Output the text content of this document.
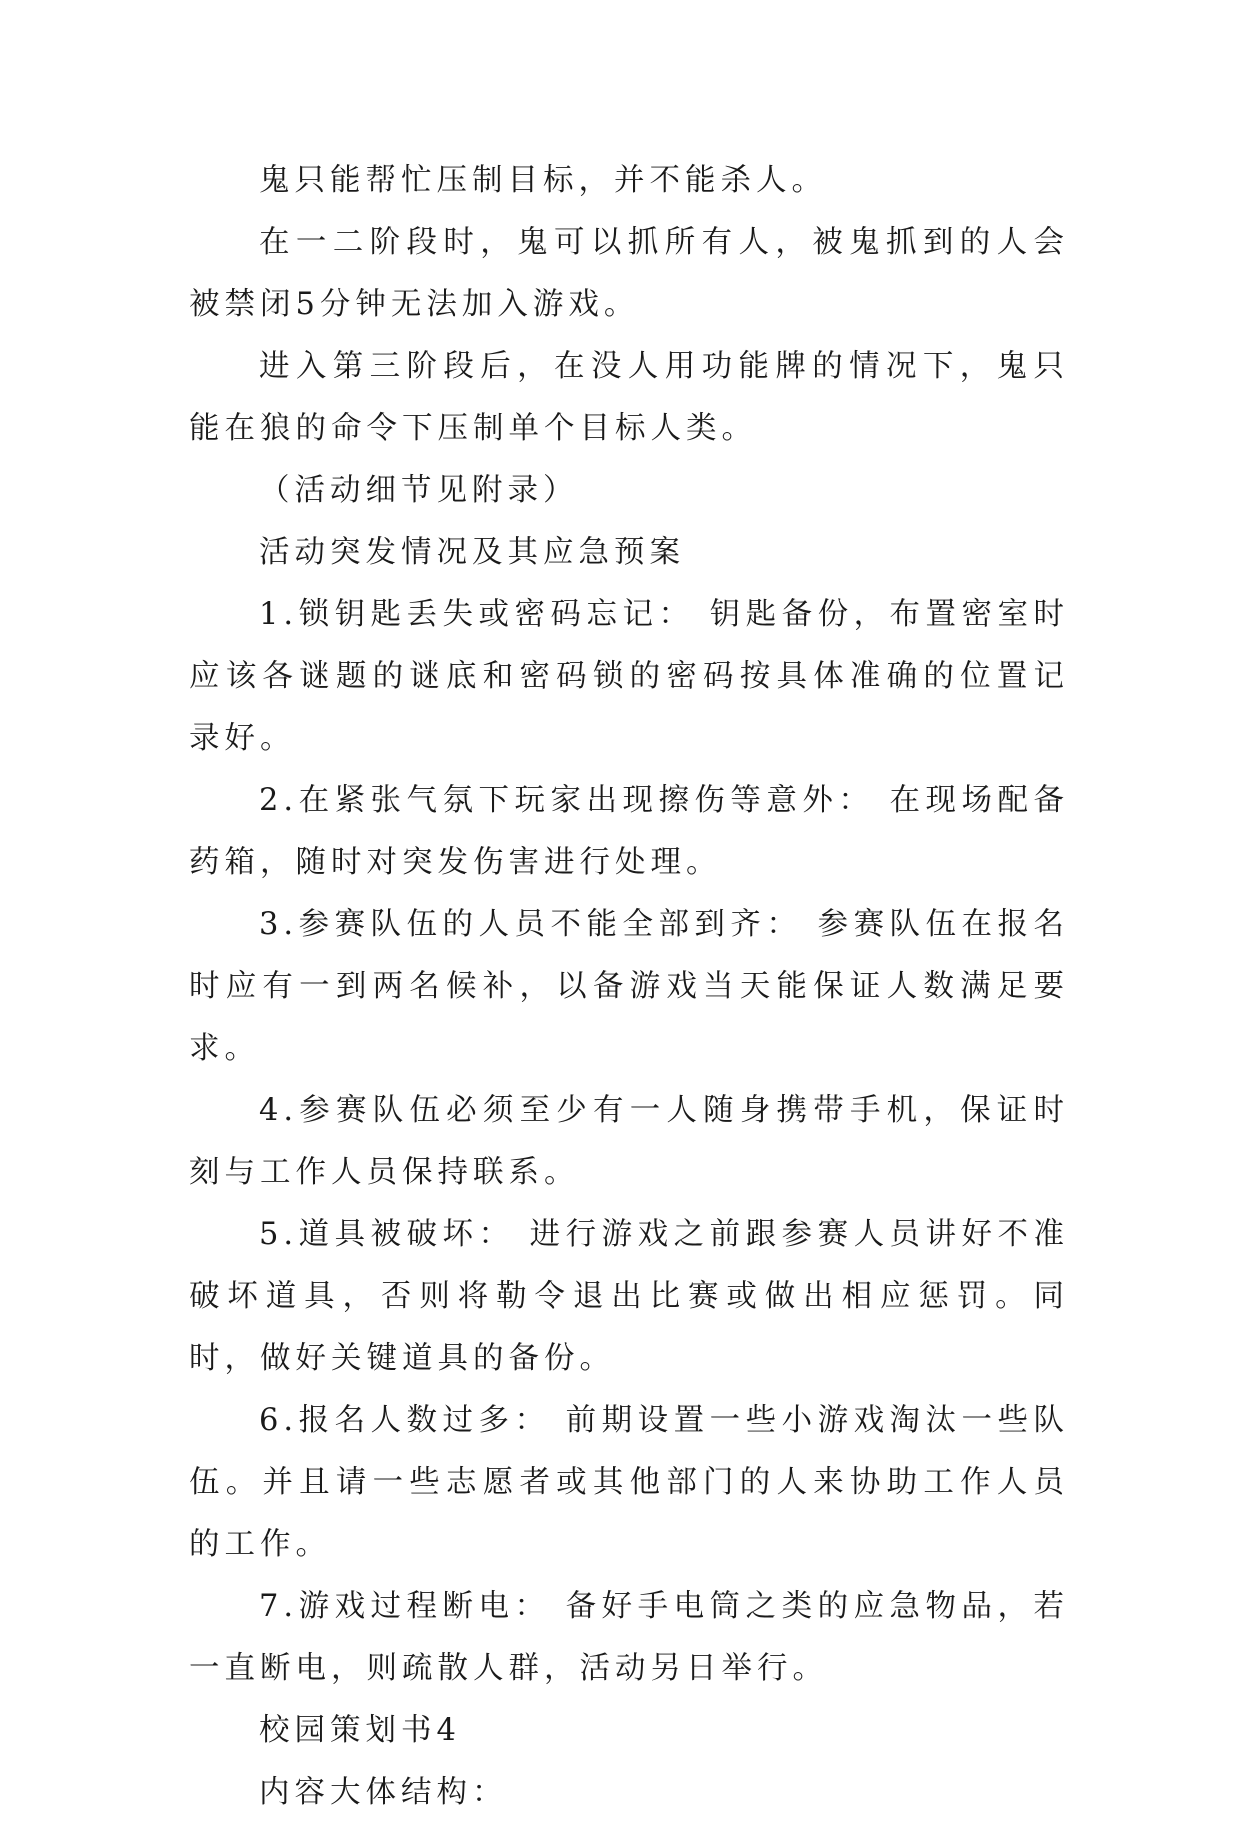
鬼只能帮忙压制目标，并不能杀人。

在一二阶段时，鬼可以抓所有人，被鬼抓到的人会被禁闭5分钟无法加入游戏。

进入第三阶段后，在没人用功能牌的情况下，鬼只能在狼的命令下压制单个目标人类。

（活动细节见附录）

活动突发情况及其应急预案

1.锁钥匙丢失或密码忘记： 钥匙备份，布置密室时应该各谜题的谜底和密码锁的密码按具体准确的位置记录好。

2.在紧张气氛下玩家出现擦伤等意外： 在现场配备药箱，随时对突发伤害进行处理。

3.参赛队伍的人员不能全部到齐： 参赛队伍在报名时应有一到两名候补，以备游戏当天能保证人数满足要求。

4.参赛队伍必须至少有一人随身携带手机，保证时刻与工作人员保持联系。

5.道具被破坏： 进行游戏之前跟参赛人员讲好不准破坏道具，否则将勒令退出比赛或做出相应惩罚。同时，做好关键道具的备份。

6.报名人数过多： 前期设置一些小游戏淘汰一些队伍。并且请一些志愿者或其他部门的人来协助工作人员的工作。

7.游戏过程断电： 备好手电筒之类的应急物品，若一直断电，则疏散人群，活动另日举行。

校园策划书4

内容大体结构：
